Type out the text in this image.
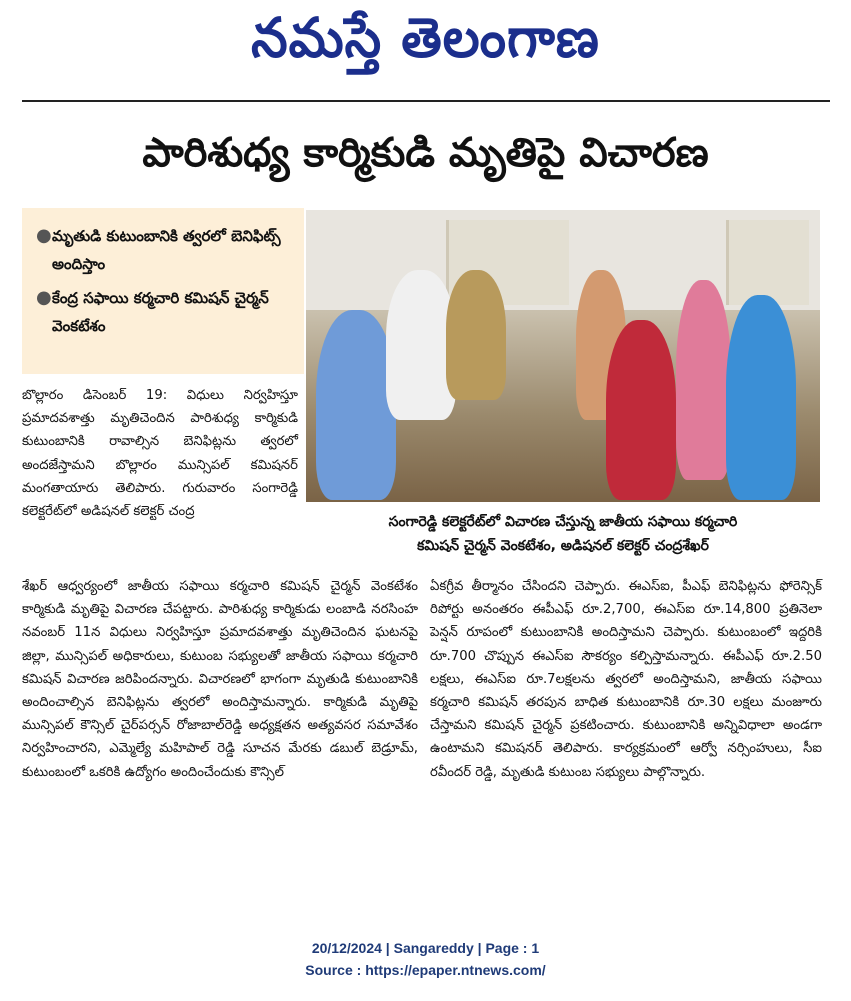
నమస్తే తెలంగాణ
పారిశుధ్య కార్మికుడి మృతిపై విచారణ
● మృతుడి కుటుంబానికి త్వరలో బెనిఫిట్స్ అందిస్తాం
● కేంద్ర సఫాయి కర్మచారి కమిషన్ చైర్మన్ వెంకటేశం
సంగారెడ్డి కలెక్టరేట్‌లో విచారణ చేస్తున్న జాతీయ సఫాయి కర్మచారి
కమిషన్ చైర్మన్ వెంకటేశం, అడిషనల్ కలెక్టర్ చంద్రశేఖర్

బొల్లారం డిసెంబర్ 19: విధులు నిర్వహిస్తూ ప్రమాదవశాత్తు మృతిచెందిన పారిశుధ్య కార్మికుడి కుటుంబానికి రావాల్సిన బెనిఫిట్లను త్వరలో అందజేస్తామని బొల్లారం మున్సిపల్ కమిషనర్ మంగతాయారు తెలిపారు. గురువారం సంగారెడ్డి కలెక్టరేట్‌లో అడిషనల్ కలెక్టర్ చంద్ర

శేఖర్ ఆధ్వర్యంలో జాతీయ సఫాయి కర్మచారి కమిషన్ చైర్మన్ వెంకటేశం కార్మికుడి మృతిపై విచారణ చేపట్టారు. పారిశుధ్య కార్మికుడు లంబాడి నరసింహ నవంబర్ 11న విధులు నిర్వహిస్తూ ప్రమాదవశాత్తు మృతిచెందిన ఘటనపై జిల్లా, మున్సిపల్ అధికారులు, కుటుంబ సభ్యులతో జాతీయ సఫాయి కర్మచారి కమిషన్ విచారణ జరిపిందన్నారు. విచారణలో భాగంగా మృతుడి కుటుంబానికి అందించాల్సిన బెనిఫిట్లను త్వరలో అందిస్తామన్నారు. కార్మికుడి మృతిపై మున్సిపల్ కౌన్సిల్ చైర్‌పర్సన్ రోజాబాల్‌రెడ్డి అధ్యక్షతన అత్యవసర సమావేశం నిర్వహించారని, ఎమ్మెల్యే మహిపాల్ రెడ్డి సూచన మేరకు డబుల్ బెడ్రూమ్, కుటుంబంలో ఒకరికి ఉద్యోగం అందించేందుకు కౌన్సిల్

ఏకగ్రీవ తీర్మానం చేసిందని చెప్పారు. ఈఎస్ఐ, పీఎఫ్ బెనిఫిట్లను ఫోరెన్సిక్ రిపోర్టు అనంతరం ఈపీఎఫ్ రూ.2,700, ఈఎస్ఐ రూ.14,800 ప్రతినెలా పెన్షన్ రూపంలో కుటుంబానికి అందిస్తామని చెప్పారు. కుటుంబంలో ఇద్దరికి రూ.700 చొప్పున ఈఎస్ఐ సౌకర్యం కల్పిస్తామన్నారు. ఈపీఎఫ్ రూ.2.50 లక్షలు, ఈఎస్ఐ రూ.7లక్షలను త్వరలో అందిస్తామని, జాతీయ సఫాయి కర్మచారి కమిషన్ తరపున బాధిత కుటుంబానికి రూ.30 లక్షలు మంజూరు చేస్తామని కమిషన్ చైర్మన్ ప్రకటించారు. కుటుంబానికి అన్నివిధాలా అండగా ఉంటామని కమిషనర్ తెలిపారు. కార్యక్రమంలో ఆర్వో నర్సింహులు, సీఐ రవీందర్ రెడ్డి, మృతుడి కుటుంబ సభ్యులు పాల్గొన్నారు.

20/12/2024 | Sangareddy | Page : 1
Source : https://epaper.ntnews.com/
